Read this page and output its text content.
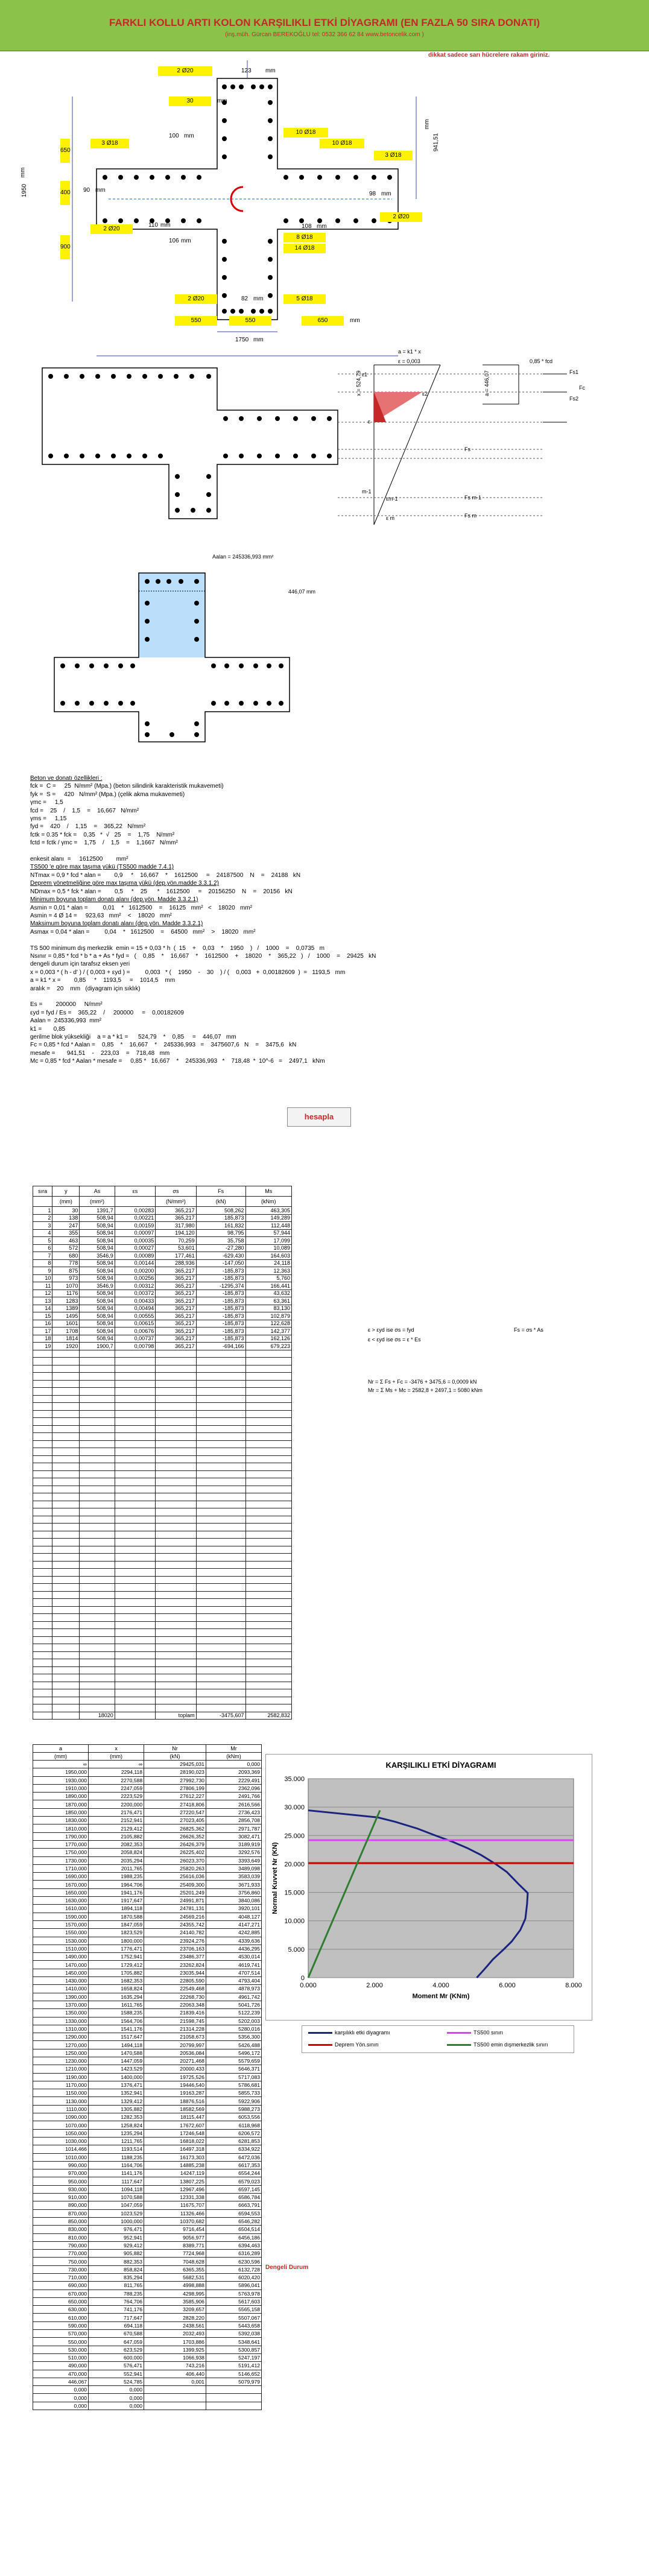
FARKLI KOLLU ARTI KOLON KARŞILIKLI ETKİ DİYAGRAMI (EN FAZLA 50 SIRA DONATI)
(inş.müh. Gürcan BEREKOĞLU tel: 0532 366 62 84 www.betoncelik.com )
dikkat sadece sarı hücrelere rakam giriniz.
2 Ø20	123 mm
30	mm
100 mm
3 Ø18
10 Ø18
10 Ø18
3 Ø18
941,51
mm
1950
mm
650
400
900
90 mm
2 Ø20
110 mm
106 mm
8 Ø18
14 Ø18
108 mm
98 mm
2 Ø20
2 Ø20	82 mm	5 Ø18
550	550	650	mm
1750 mm
a = k1 * x
ε = 0,003	0,85 * fcd
x = 524,79	a = 446,07	Fs1
Fc
Fs2
Fs
Fs m-1
Fs m
ε1
ε2
ε
εm-1
ε m
m-1
Aalan = 245336,993 mm²
446,07 mm
Beton ve donatı özellikleri :
fck =  C =     25  N/mm² (Mpa.) (beton silindirik karakteristik mukavemeti)
fyk =  S =     420   N/mm² (Mpa.) (çelik akma mukavemeti)
γmc =     1,5
fcd =    25    /    1,5    =    16,667   N/mm²
γms =     1,15
fyd =    420    /    1,15    =    365,22   N/mm²
fctk = 0.35 * fck =    0,35   *  √   25    =    1,75    N/mm²
fctd = fctk / γmc =    1,75    /    1,5    =    1,1667   N/mm²

enkesit alanı  =     1612500        mm²
TS500 'e göre max taşıma yükü (TS500 madde 7.4.1)
NTmax = 0,9 * fcd * alan =        0,9     *    16,667    *    1612500     =    24187500    N    =    24188   kN
Deprem yönetmeliğine göre max taşıma yükü (dep.yön.madde 3.3.1.2)
NDmax = 0,5 * fck * alan =        0,5     *    25      *    1612500     =    20156250    N    =    20156   kN
Minimum boyuna toplam donatı alanı (dep.yön. Madde 3.3.2.1)
Asmin = 0,01 * alan =         0,01    *   1612500    =    16125   mm²   <    18020   mm²
Asmin = 4 Ø 14 =     923,63   mm²    <    18020   mm²
Maksimum boyuna toplam donatı alanı (dep.yön. Madde 3.3.2.1)
Asmax = 0,04 * alan =         0,04    *   1612500    =    64500   mm²    >    18020   mm²

TS 500 minimum dış merkezlik  emin = 15 + 0,03 * h  (  15    +    0,03    *    1950    )   /    1000    =    0,0735   m
Nsınır = 0,85 * fcd * b * a + As * fyd =   (    0,85    *    16,667    *    1612500    +    18020    *    365,22   )   /    1000    =    29425   kN
dengeli durum için tarafsız eksen yeri
x = 0,003 * ( h - d' ) / ( 0,003 + εyd ) =         0,003   * (    1950    -    30    ) / (    0,003   +  0,00182609  )  =   1193,5   mm
a = k1 * x =        0,85     *    1193,5     =    1014,5    mm
aralık =    20    mm   (diyagram için sıklık)

Es =        200000     N/mm²
εyd = fyd / Es =    365,22    /     200000     =    0,00182609
Aalan =  245336,993  mm²
k1 =       0,85
gerilme blok yüksekliği    a = a * k1 =      524,79    *    0,85     =    446,07   mm
Fc = 0,85 * fcd * Aalan =    0,85    *    16,667    *    245336,993   =    3475607,6   N    =    3475,6   kN
mesafe =       941,51    -    223,03    =    718,48   mm
Mc = 0,85 * fcd * Aalan * mesafe =     0,85 *   16,667    *    245336,993   *    718,48  *  10^-6   =    2497,1   kNm
hesapla
sıra	y	As	εs	σs	Fs	Ms
	(mm)	(mm²)		(N/mm²)	(kN)	(kNm)
1	30	1391,7	0,00283	365,217	508,262	463,305
2	138	508,94	0,00221	365,217	185,873	149,289
3	247	508,94	0,00159	317,980	161,832	112,448
4	355	508,94	0,00097	194,120	98,795	57,944
5	463	508,94	0,00035	70,259	35,758	17,099
6	572	508,94	0,00027	53,601	-27,280	10,089
7	680	3546,9	0,00089	177,461	-629,430	164,603
8	778	508,94	0,00144	288,936	-147,050	24,118
9	875	508,94	0,00200	365,217	-185,873	12,363
10	973	508,94	0,00256	365,217	-185,873	5,760
11	1070	3546,9	0,00312	365,217	-1295,374	166,441
12	1176	508,94	0,00372	365,217	-185,873	43,632
13	1283	508,94	0,00433	365,217	-185,873	63,361
14	1389	508,94	0,00494	365,217	-185,873	83,130
15	1495	508,94	0,00555	365,217	-185,873	102,879
16	1601	508,94	0,00615	365,217	-185,873	122,628
17	1708	508,94	0,00676	365,217	-185,873	142,377
18	1814	508,94	0,00737	365,217	-185,873	162,126
19	1920	1900,7	0,00798	365,217	-694,166	679,223

		18020		toplam	-3475,607	2582,832
ε > εyd ise σs = fyd	Fs = σs * As
ε < εyd ise σs = ε * Es
Nr = Σ Fs + Fc = -3476 + 3475,6 = 0,0009 kN
Mr = Σ Ms + Mc = 2582,8 + 2497,1 = 5080 kNm
a	x	Nr	Mr
(mm)	(mm)	(kN)	(kNm)
∞	∞	29425,031	0,000
1950,000	2294,118	28190,023	2093,369
1930,000	2270,588	27992,730	2229,491
1910,000	2247,059	27806,199	2362,096
1890,000	2223,529	27612,227	2491,766
1870,000	2200,000	27418,806	2616,566
1850,000	2176,471	27220,547	2736,423
1830,000	2152,941	27023,405	2856,708
1810,000	2129,412	26825,362	2971,787
1790,000	2105,882	26626,352	3082,471
1770,000	2082,353	26426,379	3189,919
1750,000	2058,824	26225,402	3292,576
1730,000	2035,294	26023,370	3393,649
1710,000	2011,765	25820,263	3489,098
1690,000	1988,235	25616,036	3583,039
1670,000	1964,706	25409,300	3671,933
1650,000	1941,176	25201,249	3756,860
1630,000	1917,647	24991,871	3840,086
1610,000	1894,118	24781,131	3920,101
1590,000	1870,588	24569,216	4048,127
1570,000	1847,059	24355,742	4147,271
1550,000	1823,529	24140,782	4242,885
1530,000	1800,000	23924,276	4339,636
1510,000	1776,471	23706,163	4436,295
1490,000	1752,941	23486,377	4530,014
1470,000	1729,412	23262,824	4619,741
1450,000	1705,882	23035,944	4707,514
1430,000	1682,353	22805,590	4793,404
1410,000	1658,824	22549,468	4878,973
1390,000	1635,294	22268,730	4961,742
1370,000	1611,765	22063,348	5041,726
1350,000	1588,235	21839,416	5122,239
1330,000	1564,706	21598,745	5202,003
1310,000	1541,176	21314,228	5280,016
1290,000	1517,647	21058,673	5356,300
1270,000	1494,118	20799,997	5426,488
1250,000	1470,588	20536,084	5496,172
1230,000	1447,059	20271,468	5579,659
1210,000	1423,529	20000,433	5646,371
1190,000	1400,000	19725,526	5717,083
1170,000	1376,471	19446,540	5786,681
1150,000	1352,941	19163,287	5855,733
1130,000	1329,412	18876,516	5922,906
1110,000	1305,882	18582,569	5988,273
1090,000	1282,353	18115,447	6053,556
1070,000	1258,824	17672,607	6118,968
1050,000	1235,294	17246,548	6206,572
1030,000	1211,765	16818,022	6281,853
1014,466	1193,514	16497,318	6334,922
1010,000	1188,235	16173,303	6472,036
990,000	1164,706	14885,238	6617,353
970,000	1141,176	14247,119	6554,244
950,000	1117,647	13807,225	6579,023
930,000	1094,118	12967,496	6597,145
910,000	1070,588	12331,338	6586,784
890,000	1047,059	11675,707	6663,791
870,000	1023,529	11326,466	6594,553
850,000	1000,000	10370,682	6546,282
830,000	976,471	9716,454	6504,514
810,000	952,941	9056,977	6456,186
790,000	929,412	8389,771	6394,463
770,000	905,882	7724,968	6316,289
750,000	882,353	7048,628	6230,596
730,000	858,824	6365,355	6132,728
710,000	835,294	5682,531	6020,420
690,000	811,765	4998,888	5896,041
670,000	788,235	4298,995	5763,978
650,000	764,706	3585,906	5617,603
630,000	741,176	3209,657	5565,158
610,000	717,647	2828,220	5507,067
590,000	694,118	2438,561	5443,658
570,000	670,588	2032,493	5392,038
550,000	647,059	1703,886	5348,641
530,000	623,529	1399,925	5300,857
510,000	600,000	1066,938	5247,197
490,000	576,471	743,216	5191,412
470,000	552,941	406,440	5146,652
446,067	524,785	0,001	5079,979
0,000	0,000		
0,000	0,000		
0,000	0,000		
Dengeli Durum
0
5.000
10.000
15.000
20.000
25.000
30.000
35.000
0.000	2.000	4.000	6.000	8.000
KARŞILIKLI ETKİ DİYAGRAMI
Moment Mr (KNm)
Normal Kuvvet Nr (KN)
karşılıklı etki diyagramı	TS500 sınırı
Deprem Yön.sınırı	TS500 emin dışmerkezlik sınırı
